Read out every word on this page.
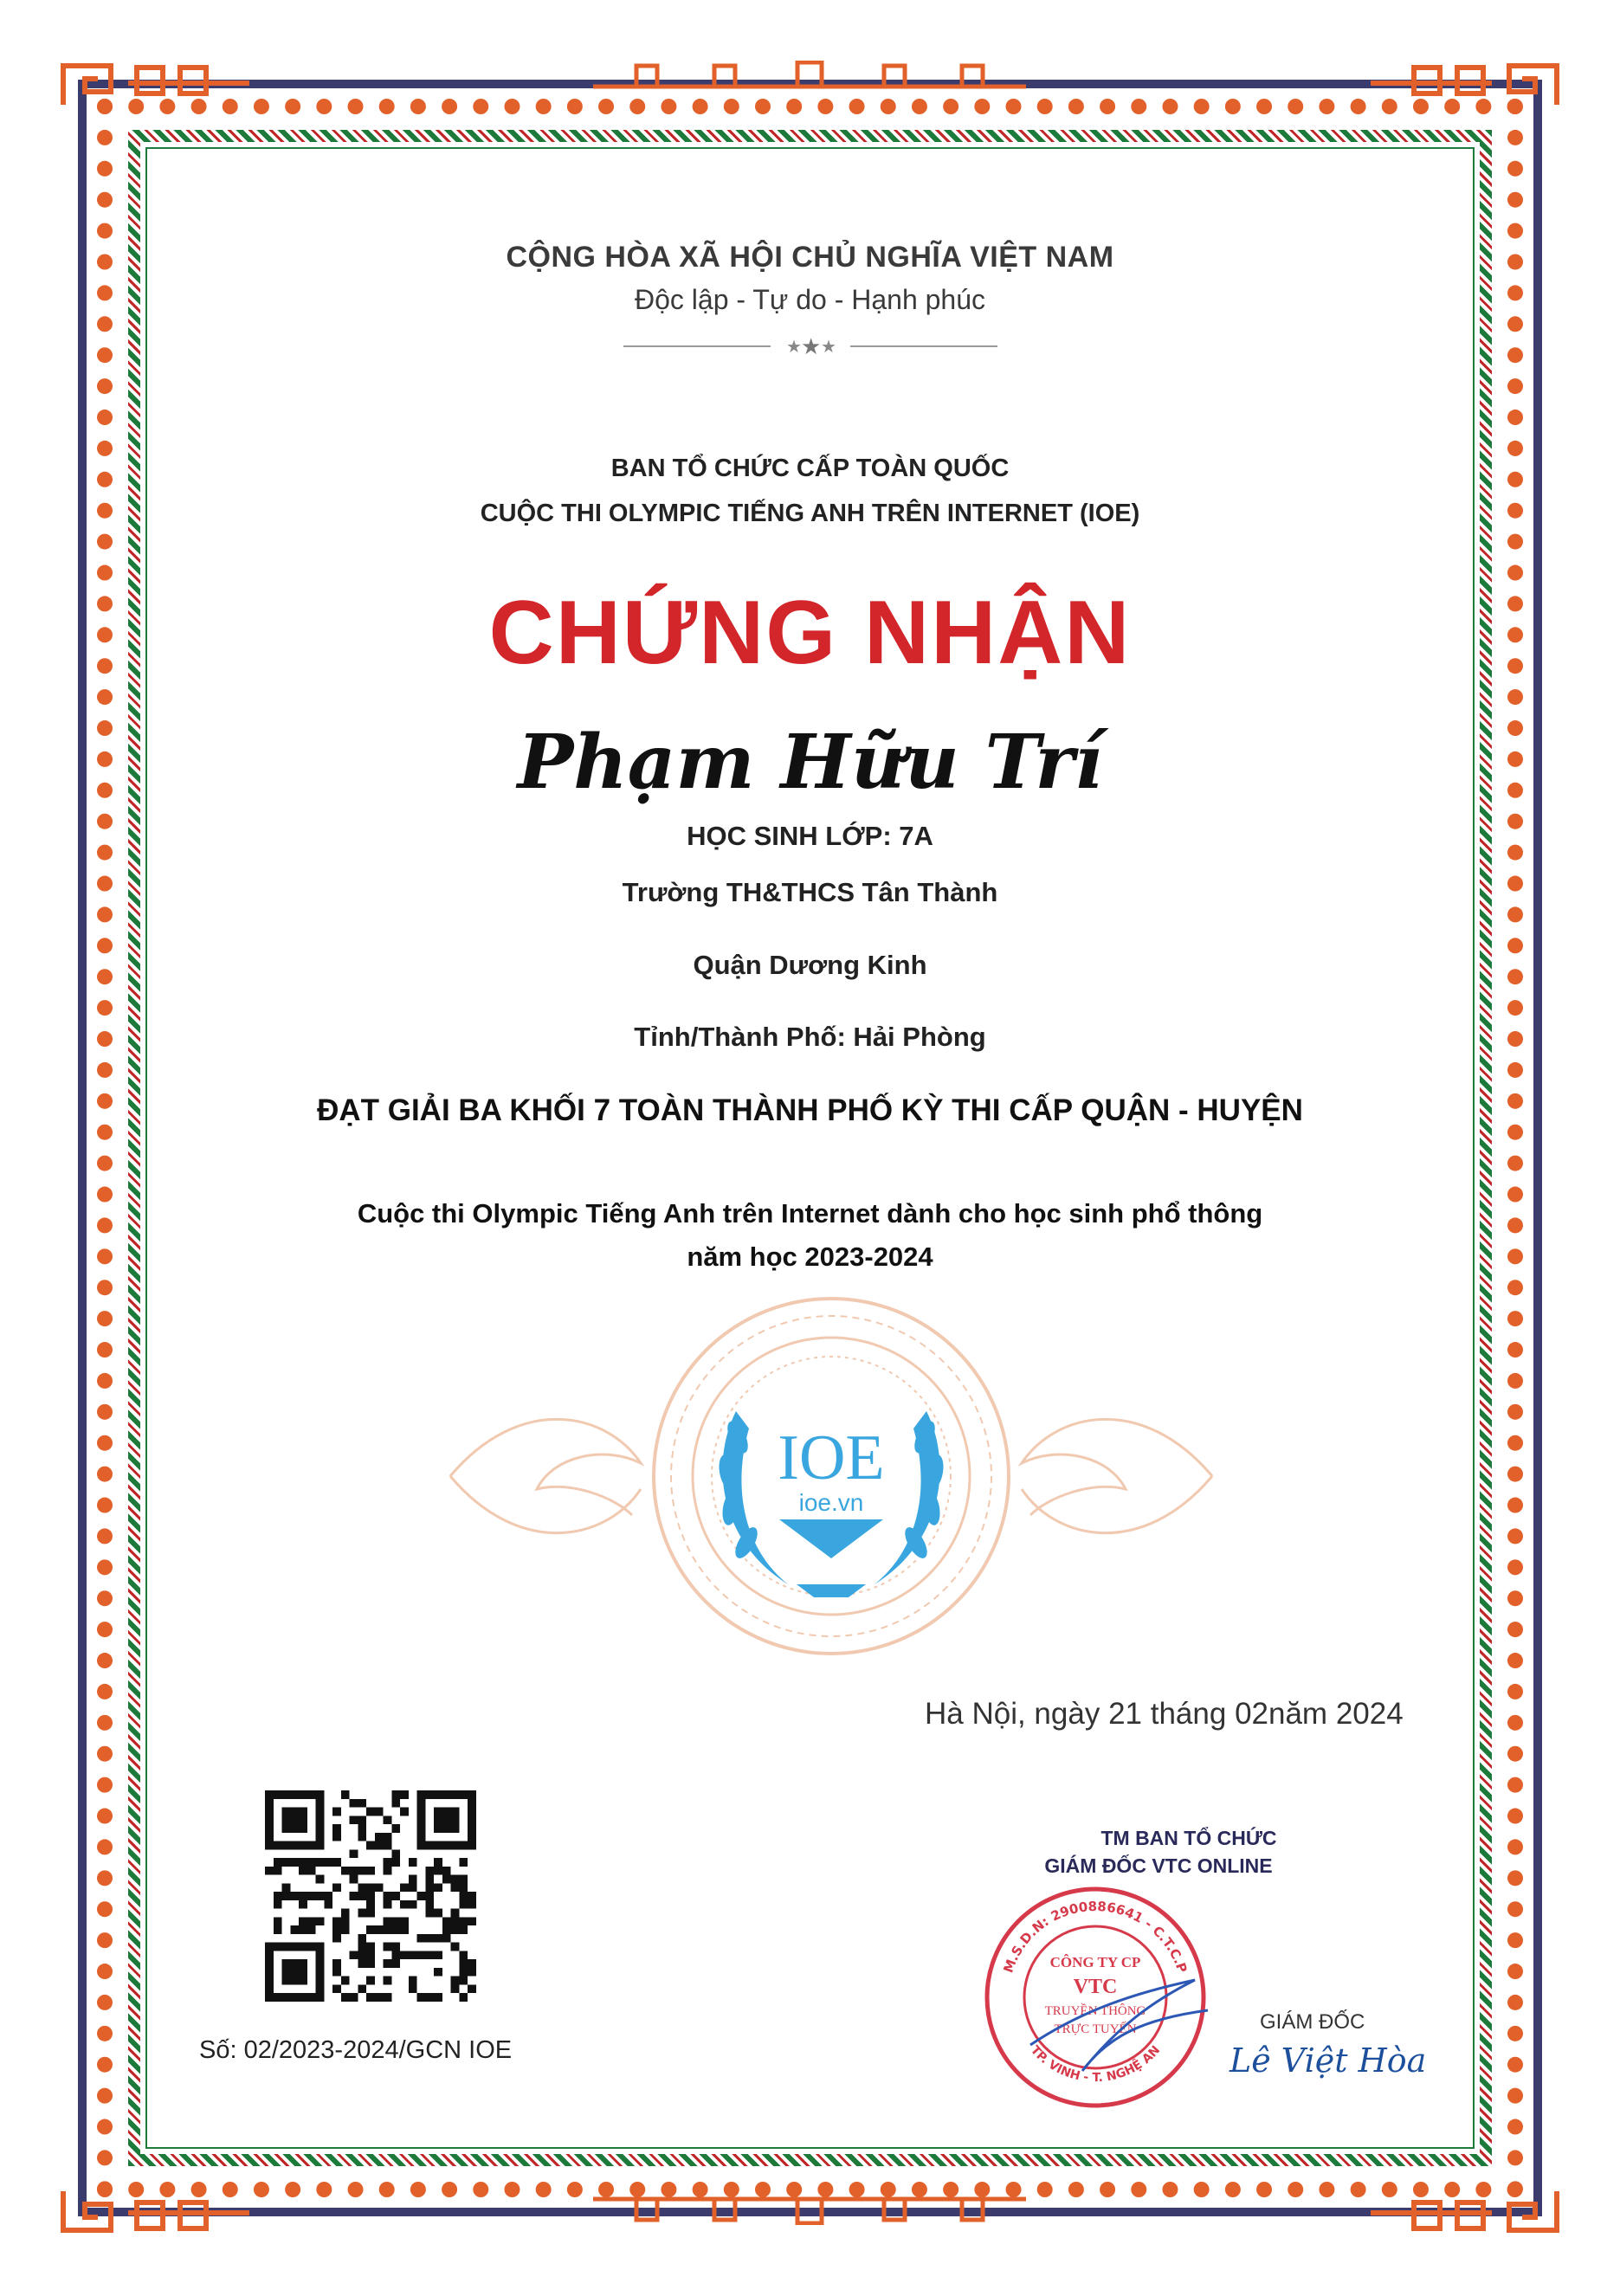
CỘNG HÒA XÃ HỘI CHỦ NGHĨA VIỆT NAM
Độc lập - Tự do - Hạnh phúc
★ ★ ★
BAN TỔ CHỨC CẤP TOÀN QUỐC
CUỘC THI OLYMPIC TIẾNG ANH TRÊN INTERNET (IOE)
CHỨNG NHẬN
Phạm Hữu Trí
HỌC SINH LỚP: 7A
Trường TH&THCS Tân Thành
Quận Dương Kinh
Tỉnh/Thành Phố: Hải Phòng
ĐẠT GIẢI BA KHỐI 7 TOÀN THÀNH PHỐ KỲ THI CẤP QUẬN - HUYỆN
Cuộc thi Olympic Tiếng Anh trên Internet dành cho học sinh phổ thông
năm học 2023-2024
IOE
ioe.vn
Hà Nội, ngày 21 tháng 02năm 2024
Số: 02/2023-2024/GCN IOE
TM BAN TỔ CHỨC
GIÁM ĐỐC VTC ONLINE
M.S.D.N: 2900886641 - C.T.C.P
TP. VINH - T. NGHỆ AN
CÔNG TY CP
VTC
TRUYỀN THÔNG
TRỰC TUYẾN	GIÁM ĐỐC
Lê Việt Hòa
